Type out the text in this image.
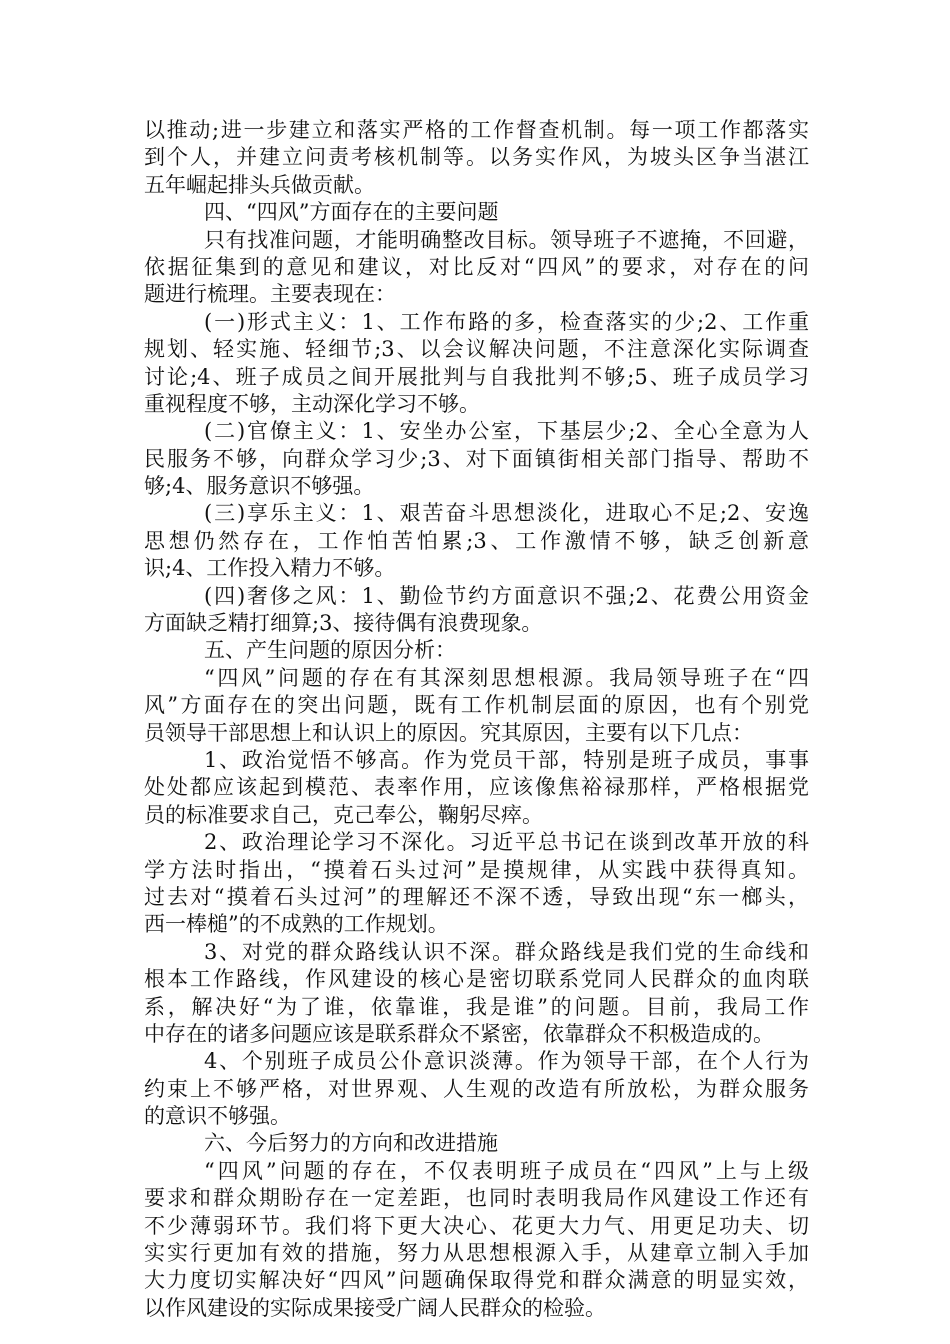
以推动;进一步建立和落实严格的工作督查机制。每一项工作都落实
到个人，并建立问责考核机制等。以务实作风，为坡头区争当湛江
五年崛起排头兵做贡献。
四、“四风”方面存在的主要问题
只有找准问题，才能明确整改目标。领导班子不遮掩，不回避，
依据征集到的意见和建议，对比反对“四风”的要求，对存在的问
题进行梳理。主要表现在：
(一)形式主义：1、工作布路的多，检查落实的少;2、工作重
规划、轻实施、轻细节;3、以会议解决问题，不注意深化实际调查
讨论;4、班子成员之间开展批判与自我批判不够;5、班子成员学习
重视程度不够，主动深化学习不够。
(二)官僚主义：1、安坐办公室，下基层少;2、全心全意为人
民服务不够，向群众学习少;3、对下面镇街相关部门指导、帮助不
够;4、服务意识不够强。
(三)享乐主义：1、艰苦奋斗思想淡化，进取心不足;2、安逸
思想仍然存在，工作怕苦怕累;3、工作激情不够，缺乏创新意
识;4、工作投入精力不够。
(四)奢侈之风：1、勤俭节约方面意识不强;2、花费公用资金
方面缺乏精打细算;3、接待偶有浪费现象。
五、产生问题的原因分析：
“四风”问题的存在有其深刻思想根源。我局领导班子在“四
风”方面存在的突出问题，既有工作机制层面的原因，也有个别党
员领导干部思想上和认识上的原因。究其原因，主要有以下几点：
1、政治觉悟不够高。作为党员干部，特别是班子成员，事事
处处都应该起到模范、表率作用，应该像焦裕禄那样，严格根据党
员的标准要求自己，克己奉公，鞠躬尽瘁。
2、政治理论学习不深化。习近平总书记在谈到改革开放的科
学方法时指出，“摸着石头过河”是摸规律，从实践中获得真知。
过去对“摸着石头过河”的理解还不深不透，导致出现“东一榔头，
西一棒槌”的不成熟的工作规划。
3、对党的群众路线认识不深。群众路线是我们党的生命线和
根本工作路线，作风建设的核心是密切联系党同人民群众的血肉联
系，解决好“为了谁，依靠谁，我是谁”的问题。目前，我局工作
中存在的诸多问题应该是联系群众不紧密，依靠群众不积极造成的。
4、个别班子成员公仆意识淡薄。作为领导干部，在个人行为
约束上不够严格，对世界观、人生观的改造有所放松，为群众服务
的意识不够强。
六、今后努力的方向和改进措施
“四风”问题的存在，不仅表明班子成员在“四风”上与上级
要求和群众期盼存在一定差距，也同时表明我局作风建设工作还有
不少薄弱环节。我们将下更大决心、花更大力气、用更足功夫、切
实实行更加有效的措施，努力从思想根源入手，从建章立制入手加
大力度切实解决好“四风”问题确保取得党和群众满意的明显实效，
以作风建设的实际成果接受广阔人民群众的检验。
